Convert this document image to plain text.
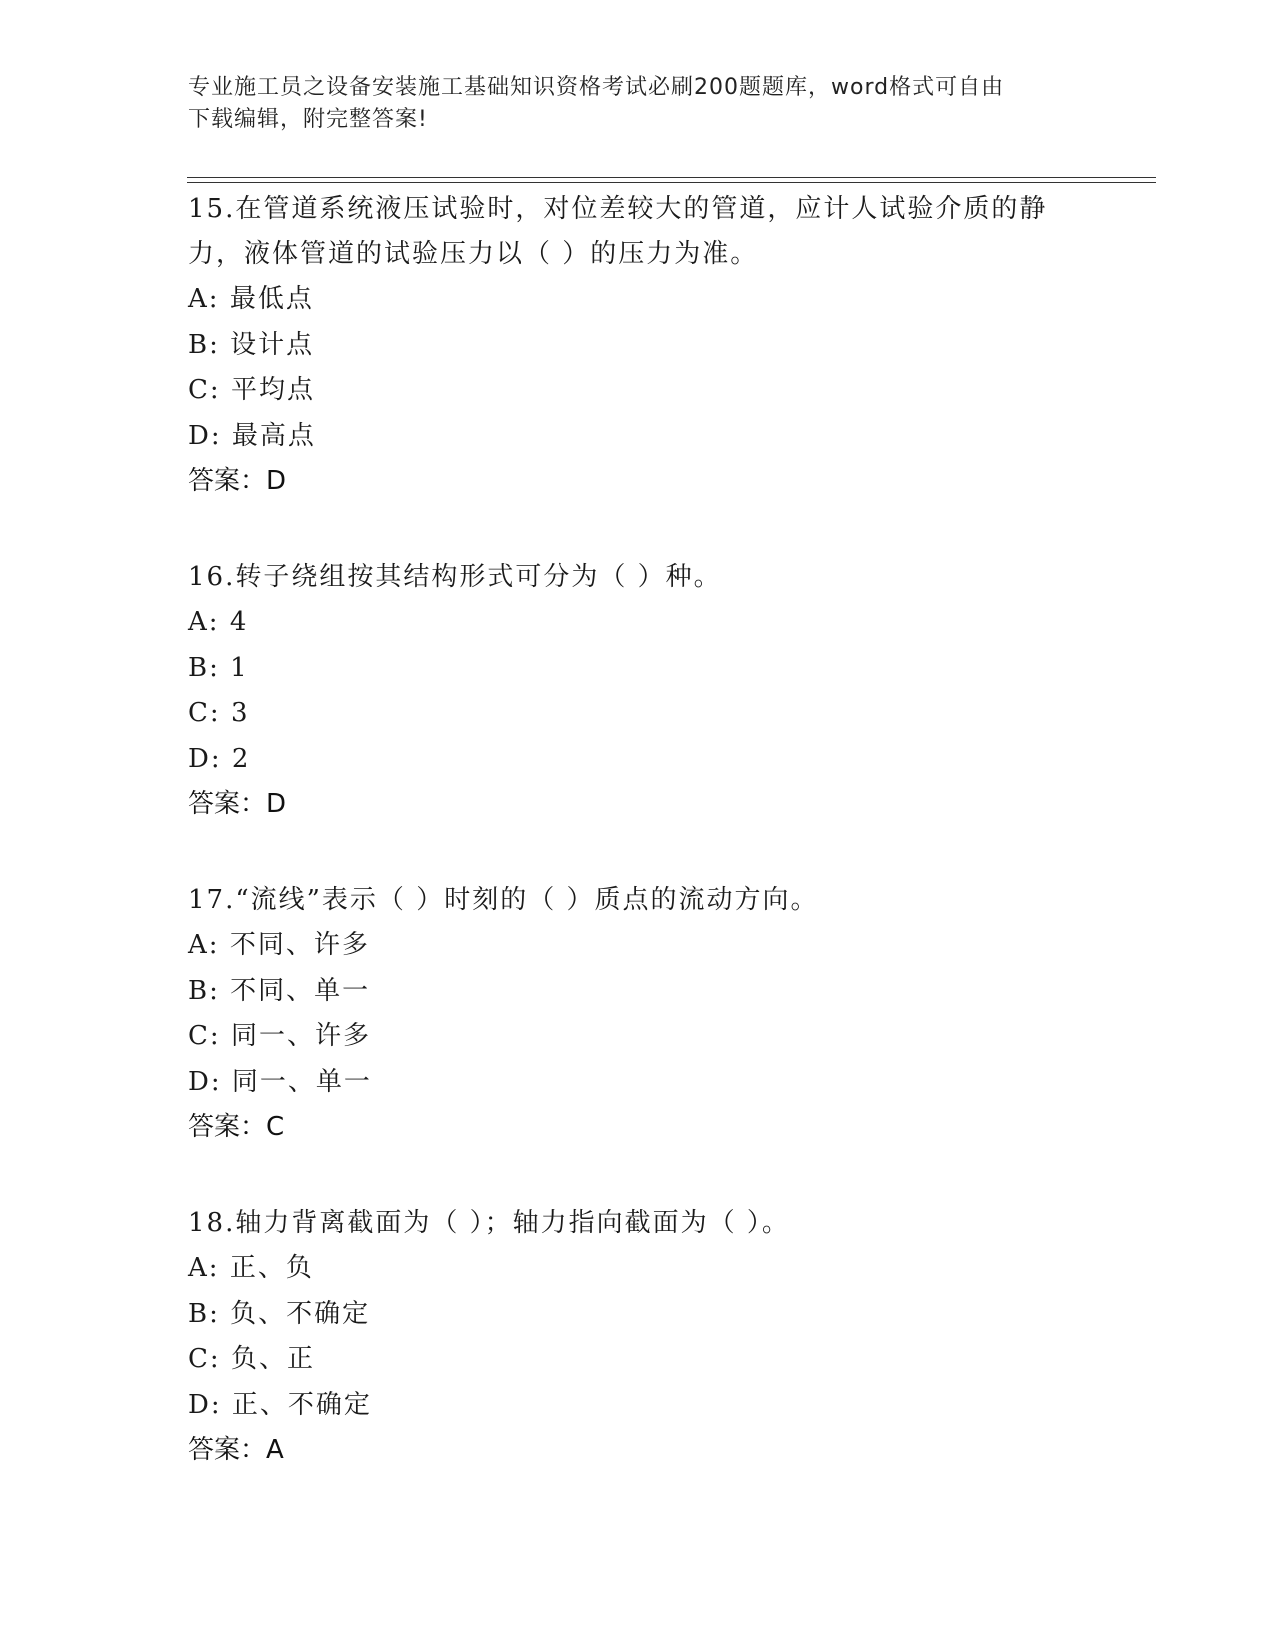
专业施工员之设备安装施工基础知识资格考试必刷200题题库，word格式可自由
下载编辑，附完整答案!

15.在管道系统液压试验时，对位差较大的管道，应计人试验介质的静力，液体管道的试验压力以（ ）的压力为准。

A: 最低点
B: 设计点
C: 平均点
D: 最高点

答案：D

16.转子绕组按其结构形式可分为（ ）种。

A: 4
B: 1
C: 3
D: 2

答案：D

17.“流线”表示（ ）时刻的（ ）质点的流动方向。

A: 不同、许多
B: 不同、单一
C: 同一、许多
D: 同一、单一

答案：C

18.轴力背离截面为（ ）；轴力指向截面为（ ）。

A: 正、负
B: 负、不确定
C: 负、正
D: 正、不确定

答案：A
